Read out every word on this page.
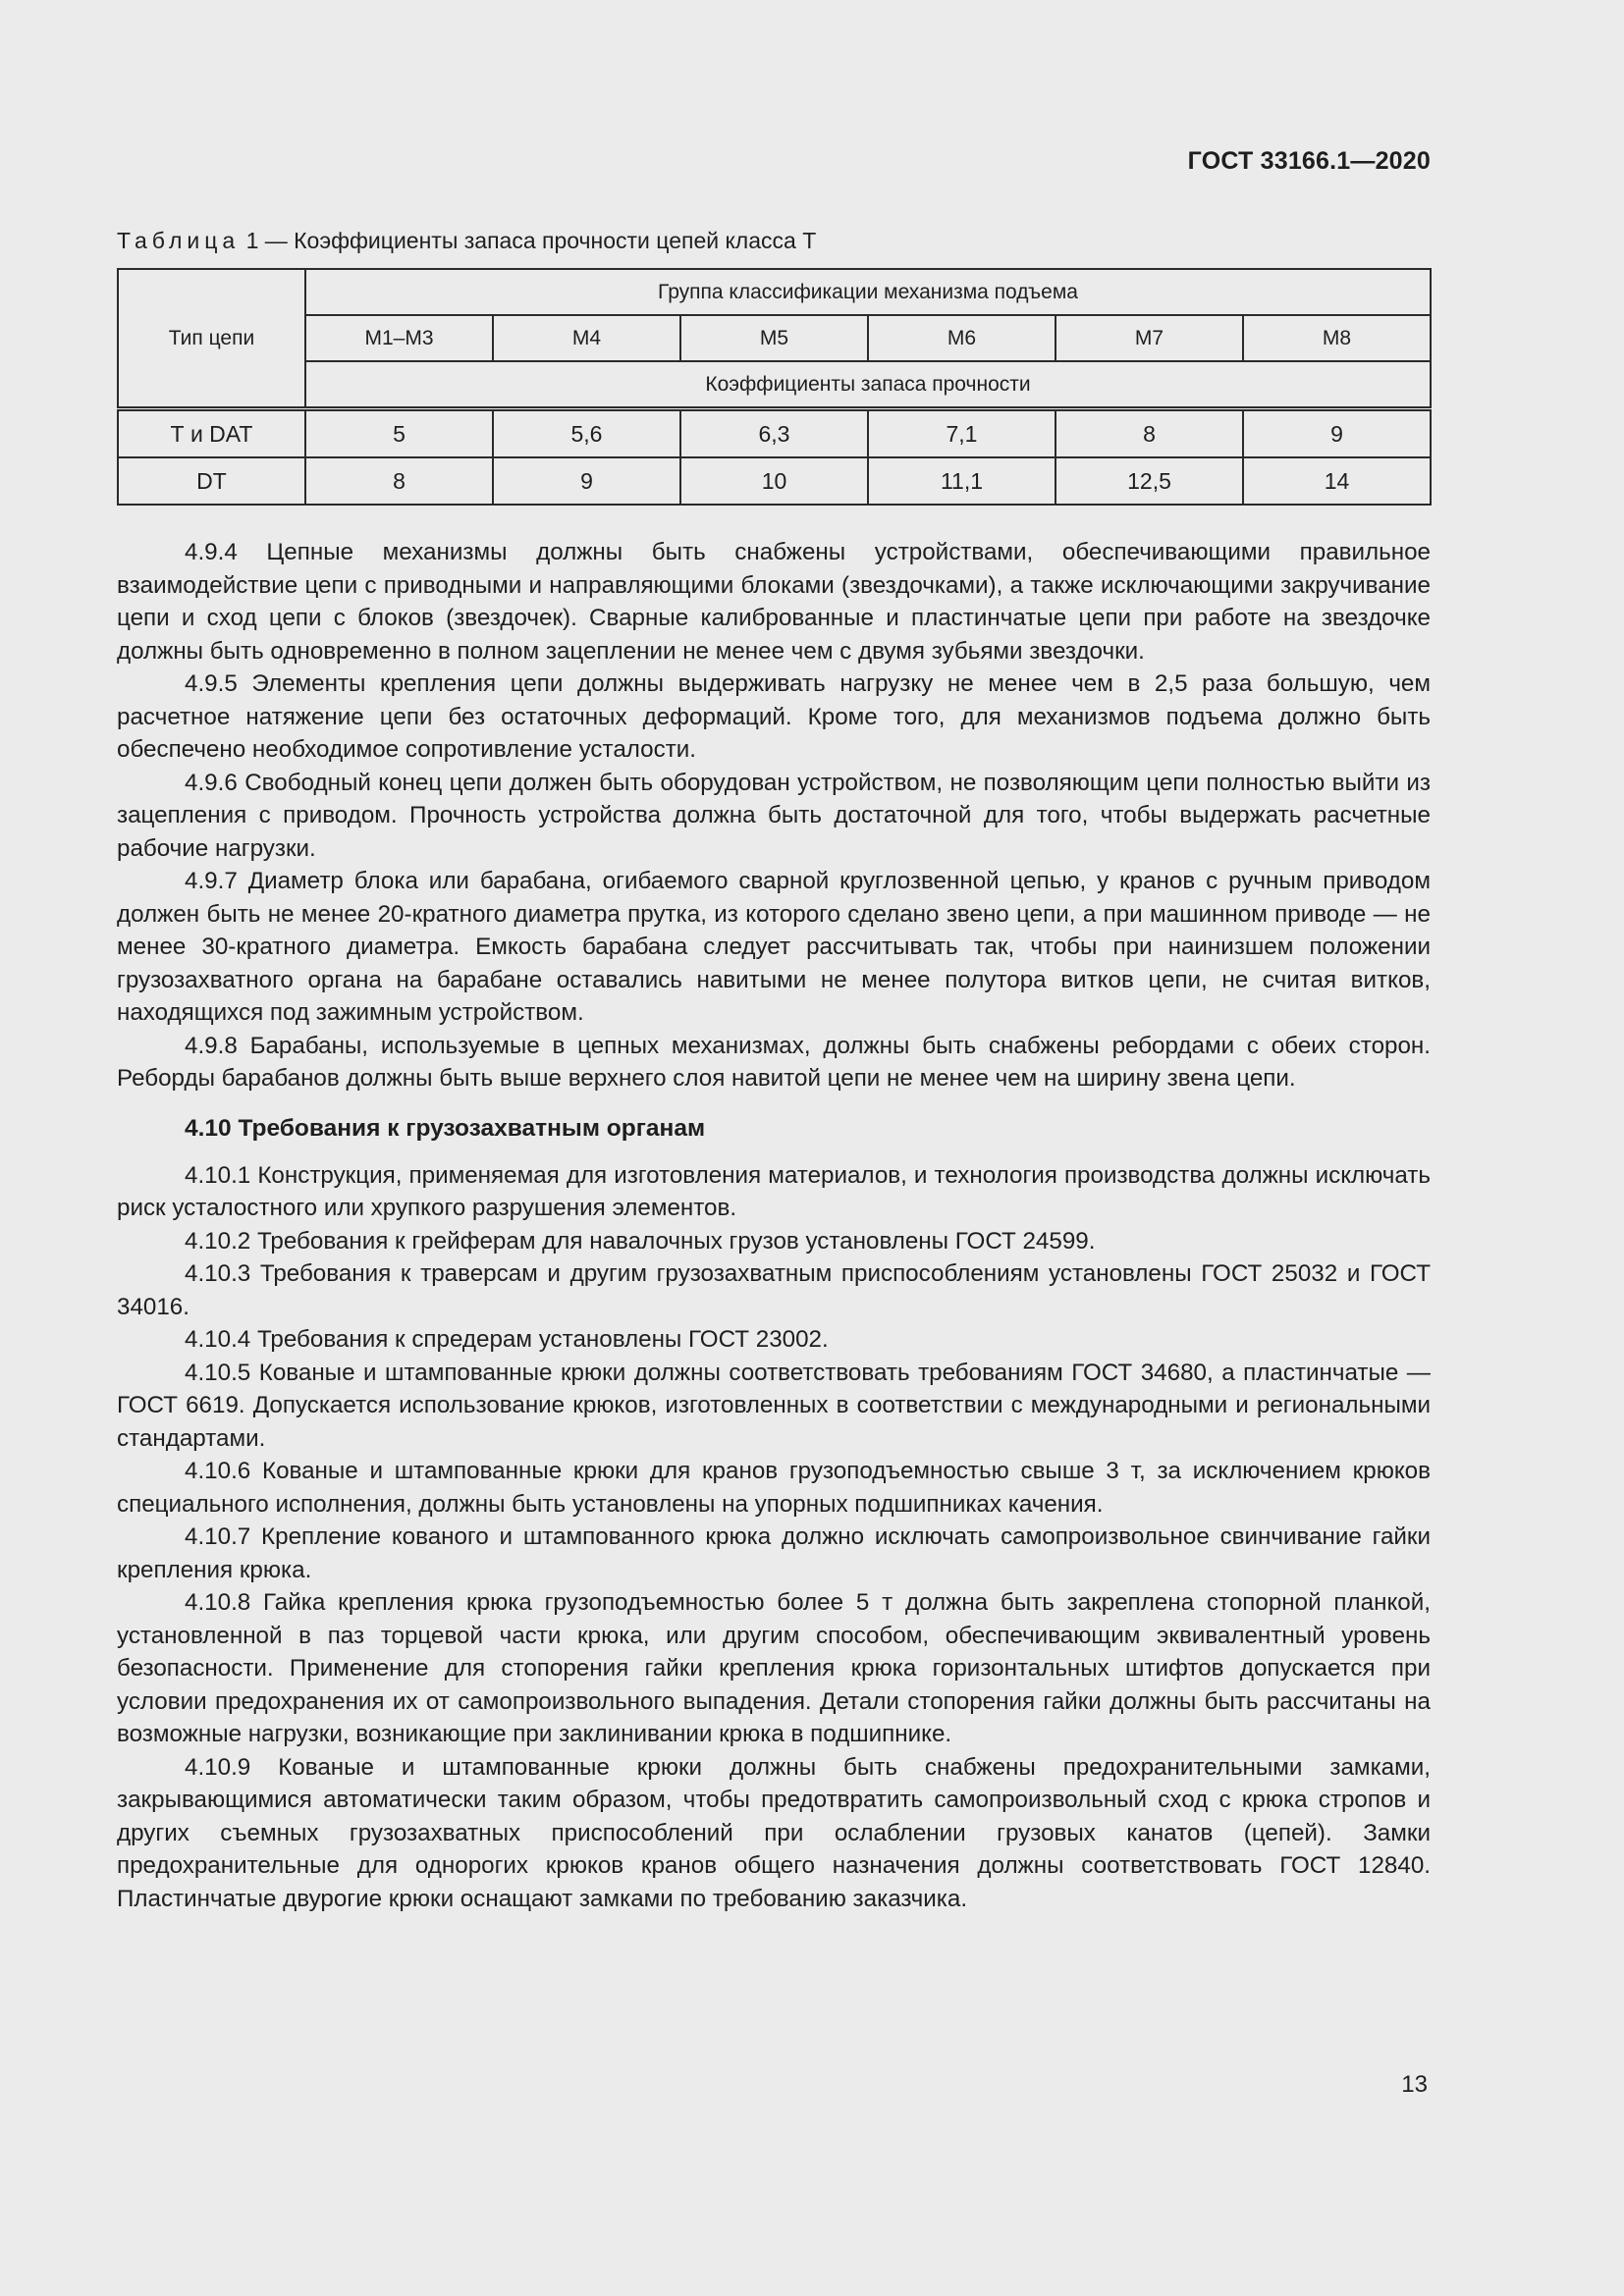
ГОСТ 33166.1—2020
Таблица 1 — Коэффициенты запаса прочности цепей класса Т
Тип цепи	Группа классификации механизма подъема					
	М1–М3	М4	М5	М6	М7	М8
	Коэффициенты запаса прочности					
Т и DAT	5	5,6	6,3	7,1	8	9
DT	8	9	10	11,1	12,5	14

4.9.4 Цепные механизмы должны быть снабжены устройствами, обеспечивающими правильное взаимодействие цепи с приводными и направляющими блоками (звездочками), а также исключающими закручивание цепи и сход цепи с блоков (звездочек). Сварные калиброванные и пластинчатые цепи при работе на звездочке должны быть одновременно в полном зацеплении не менее чем с двумя зубьями звездочки.

4.9.5 Элементы крепления цепи должны выдерживать нагрузку не менее чем в 2,5 раза большую, чем расчетное натяжение цепи без остаточных деформаций. Кроме того, для механизмов подъема должно быть обеспечено необходимое сопротивление усталости.

4.9.6 Свободный конец цепи должен быть оборудован устройством, не позволяющим цепи полностью выйти из зацепления с приводом. Прочность устройства должна быть достаточной для того, чтобы выдержать расчетные рабочие нагрузки.

4.9.7 Диаметр блока или барабана, огибаемого сварной круглозвенной цепью, у кранов с ручным приводом должен быть не менее 20-кратного диаметра прутка, из которого сделано звено цепи, а при машинном приводе — не менее 30-кратного диаметра. Емкость барабана следует рассчитывать так, чтобы при наинизшем положении грузозахватного органа на барабане оставались навитыми не менее полутора витков цепи, не считая витков, находящихся под зажимным устройством.

4.9.8 Барабаны, используемые в цепных механизмах, должны быть снабжены ребордами с обеих сторон. Реборды барабанов должны быть выше верхнего слоя навитой цепи не менее чем на ширину звена цепи.

4.10 Требования к грузозахватным органам

4.10.1 Конструкция, применяемая для изготовления материалов, и технология производства должны исключать риск усталостного или хрупкого разрушения элементов.

4.10.2 Требования к грейферам для навалочных грузов установлены ГОСТ 24599.

4.10.3 Требования к траверсам и другим грузозахватным приспособлениям установлены ГОСТ 25032 и ГОСТ 34016.

4.10.4 Требования к спредерам установлены ГОСТ 23002.

4.10.5 Кованые и штампованные крюки должны соответствовать требованиям ГОСТ 34680, а пластинчатые — ГОСТ 6619. Допускается использование крюков, изготовленных в соответствии с международными и региональными стандартами.

4.10.6 Кованые и штампованные крюки для кранов грузоподъемностью свыше 3 т, за исключением крюков специального исполнения, должны быть установлены на упорных подшипниках качения.

4.10.7 Крепление кованого и штампованного крюка должно исключать самопроизвольное свинчивание гайки крепления крюка.

4.10.8 Гайка крепления крюка грузоподъемностью более 5 т должна быть закреплена стопорной планкой, установленной в паз торцевой части крюка, или другим способом, обеспечивающим эквивалентный уровень безопасности. Применение для стопорения гайки крепления крюка горизонтальных штифтов допускается при условии предохранения их от самопроизвольного выпадения. Детали стопорения гайки должны быть рассчитаны на возможные нагрузки, возникающие при заклинивании крюка в подшипнике.

4.10.9 Кованые и штампованные крюки должны быть снабжены предохранительными замками, закрывающимися автоматически таким образом, чтобы предотвратить самопроизвольный сход с крюка стропов и других съемных грузозахватных приспособлений при ослаблении грузовых канатов (цепей). Замки предохранительные для однорогих крюков кранов общего назначения должны соответствовать ГОСТ 12840. Пластинчатые двурогие крюки оснащают замками по требованию заказчика.

13
